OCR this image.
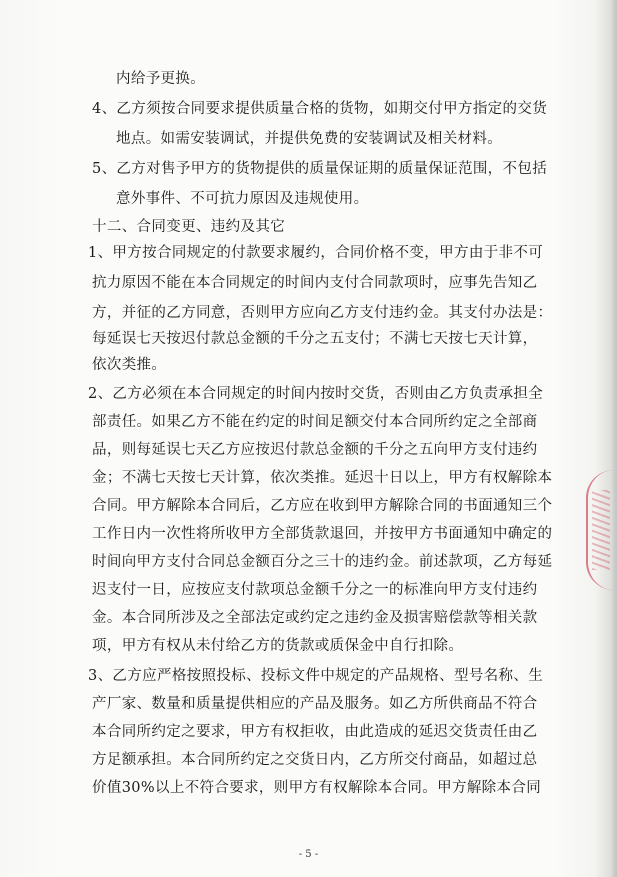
内给予更换。
4、乙方须按合同要求提供质量合格的货物，如期交付甲方指定的交货
地点。如需安装调试，并提供免费的安装调试及相关材料。
5、乙方对售予甲方的货物提供的质量保证期的质量保证范围，不包括
意外事件、不可抗力原因及违规使用。
十二、合同变更、违约及其它
1、甲方按合同规定的付款要求履约，合同价格不变，甲方由于非不可
抗力原因不能在本合同规定的时间内支付合同款项时，应事先告知乙
方，并征的乙方同意，否则甲方应向乙方支付违约金。其支付办法是：
每延误七天按迟付款总金额的千分之五支付；不满七天按七天计算，
依次类推。
2、乙方必须在本合同规定的时间内按时交货，否则由乙方负责承担全
部责任。如果乙方不能在约定的时间足额交付本合同所约定之全部商
品，则每延误七天乙方应按迟付款总金额的千分之五向甲方支付违约
金；不满七天按七天计算，依次类推。延迟十日以上，甲方有权解除本
合同。甲方解除本合同后，乙方应在收到甲方解除合同的书面通知三个
工作日内一次性将所收甲方全部货款退回，并按甲方书面通知中确定的
时间向甲方支付合同总金额百分之三十的违约金。前述款项，乙方每延
迟支付一日，应按应支付款项总金额千分之一的标准向甲方支付违约
金。本合同所涉及之全部法定或约定之违约金及损害赔偿款等相关款
项，甲方有权从未付给乙方的货款或质保金中自行扣除。
3、乙方应严格按照投标、投标文件中规定的产品规格、型号名称、生
产厂家、数量和质量提供相应的产品及服务。如乙方所供商品不符合
本合同所约定之要求，甲方有权拒收，由此造成的延迟交货责任由乙
方足额承担。本合同所约定之交货日内，乙方所交付商品，如超过总
价值30%以上不符合要求，则甲方有权解除本合同。甲方解除本合同
- 5 -
